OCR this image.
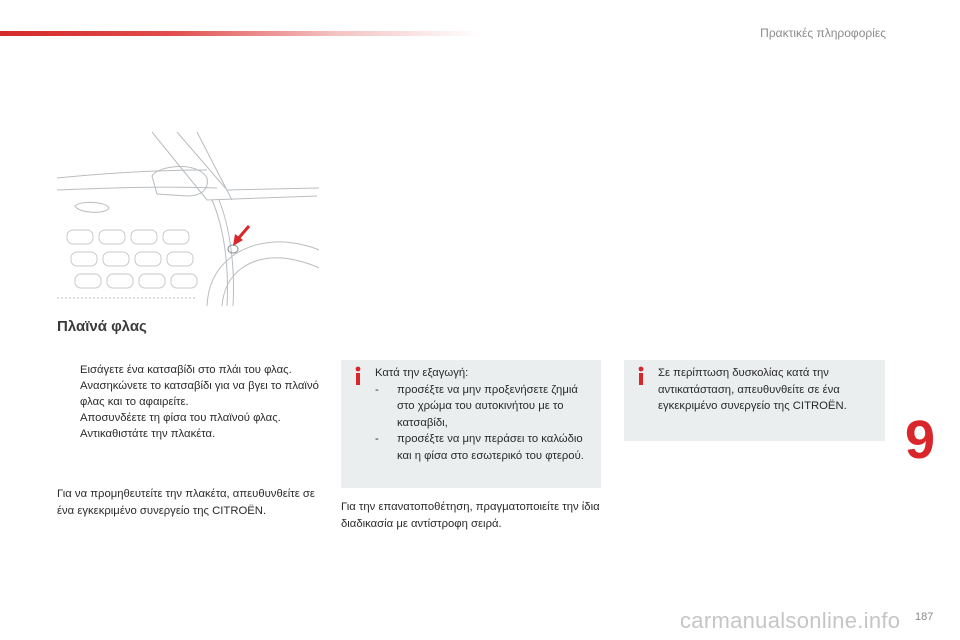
Πρακτικές πληροφορίες
Πλαϊνά φλας
Εισάγετε ένα κατσαβίδι στο πλάι του φλας.
Ανασηκώνετε το κατσαβίδι για να βγει το πλαϊνό φλας και το αφαιρείτε.
Αποσυνδέετε τη φίσα του πλαϊνού φλας.
Αντικαθιστάτε την πλακέτα.
Για να προμηθευτείτε την πλακέτα, απευθυνθείτε σε ένα εγκεκριμένο συνεργείο της CITROËN.
Κατά την εξαγωγή:
- προσέξτε να μην προξενήσετε ζημιά στο χρώμα του αυτοκινήτου με το κατσαβίδι,
- προσέξτε να μην περάσει το καλώδιο και η φίσα στο εσωτερικό του φτερού.
Για την επανατοποθέτηση, πραγματοποιείτε την ίδια διαδικασία με αντίστροφη σειρά.
Σε περίπτωση δυσκολίας κατά την αντικατάσταση, απευθυνθείτε σε ένα εγκεκριμένο συνεργείο της CITROËN.
9
187
carmanualsonline.info
